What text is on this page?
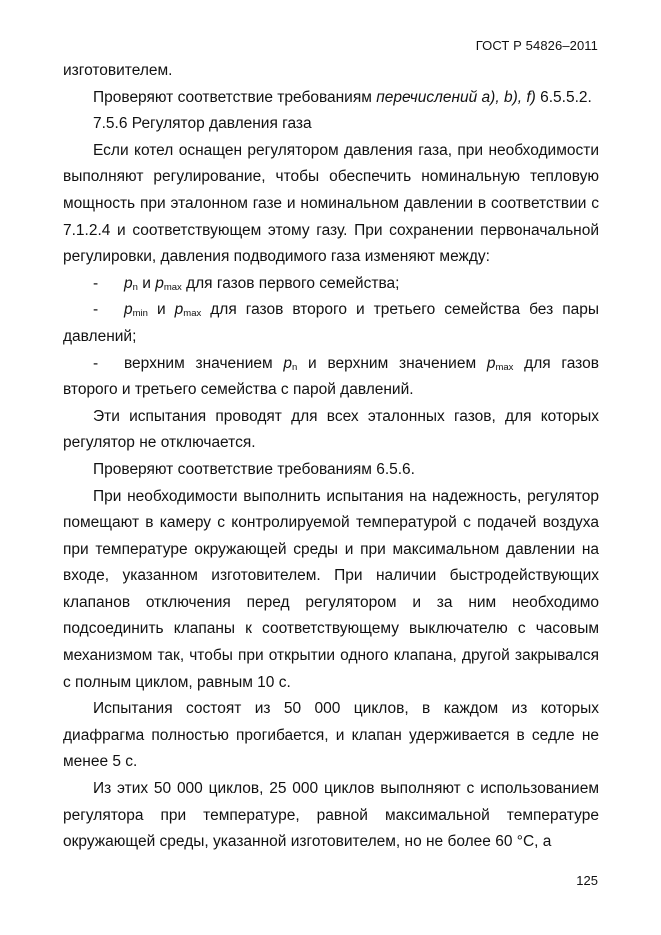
ГОСТ Р 54826–2011

изготовителем.

Проверяют соответствие требованиям перечислений a), b), f) 6.5.5.2.

7.5.6 Регулятор давления газа

Если котел оснащен регулятором давления газа, при необходимости выполняют регулирование, чтобы обеспечить номинальную тепловую мощность при эталонном газе и номинальном давлении в соответствии с 7.1.2.4 и соответствующем этому газу. При сохранении первоначальной регулировки, давления подводимого газа изменяют между:

- $p_n$ и $p_{max}$ для газов первого семейства;

- $p_{min}$ и $p_{max}$ для газов второго и третьего семейства без пары давлений;

- верхним значением $p_n$ и верхним значением $p_{max}$ для газов второго и третьего семейства с парой давлений.

Эти испытания проводят для всех эталонных газов, для которых регулятор не отключается.

Проверяют соответствие требованиям 6.5.6.

При необходимости выполнить испытания на надежность, регулятор помещают в камеру с контролируемой температурой с подачей воздуха при температуре окружающей среды и при максимальном давлении на входе, указанном изготовителем. При наличии быстродействующих клапанов отключения перед регулятором и за ним необходимо подсоединить клапаны к соответствующему выключателю с часовым механизмом так, чтобы при открытии одного клапана, другой закрывался с полным циклом, равным 10 с.

Испытания состоят из 50 000 циклов, в каждом из которых диафрагма полностью прогибается, и клапан удерживается в седле не менее 5 с.

Из этих 50 000 циклов, 25 000 циклов выполняют с использованием регулятора при температуре, равной максимальной температуре окружающей среды, указанной изготовителем, но не более 60 °С, а

125
